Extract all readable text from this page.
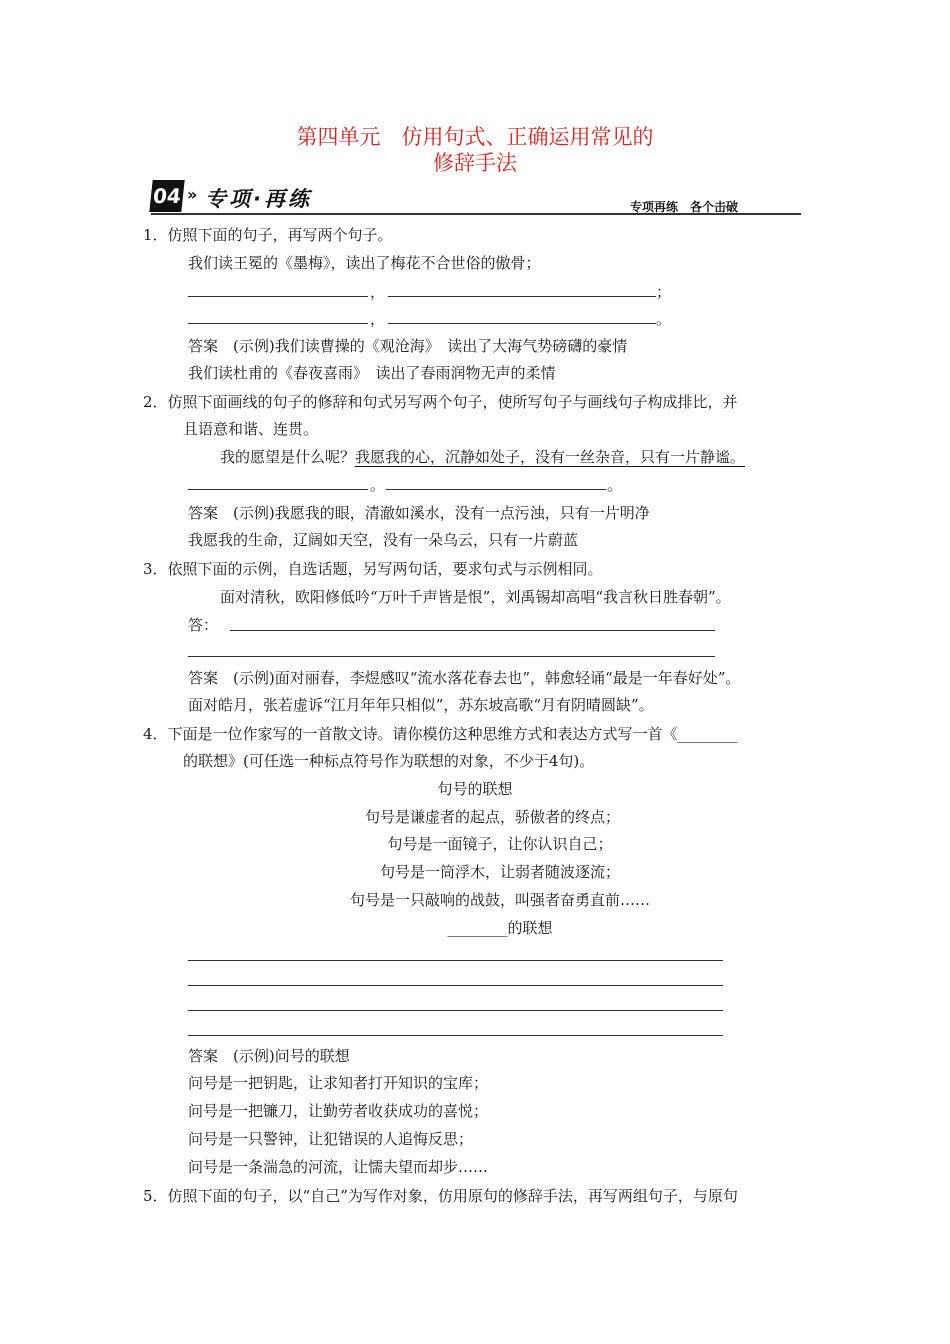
第四单元　仿用句式、正确运用常见的
修辞手法
04 » 专项·再练	专项再练　各个击破
1．仿照下面的句子，再写两个句子。
我们读王冕的《墨梅》，读出了梅花不合世俗的傲骨；
，	；
，	。
答案　(示例)我们读曹操的《观沧海》　读出了大海气势磅礴的豪情
我们读杜甫的《春夜喜雨》　读出了春雨润物无声的柔情
2．仿照下面画线的句子的修辞和句式另写两个句子，使所写句子与画线句子构成排比，并
且语意和谐、连贯。
我的愿望是什么呢？我愿我的心，沉静如处子，没有一丝杂音，只有一片静谧。
。	。
答案　(示例)我愿我的眼，清澈如溪水，没有一点污浊，只有一片明净
我愿我的生命，辽阔如天空，没有一朵乌云，只有一片蔚蓝
3．依照下面的示例，自选话题，另写两句话，要求句式与示例相同。
面对清秋，欧阳修低吟“万叶千声皆是恨”，刘禹锡却高唱“我言秋日胜春朝”。
答：
答案　(示例)面对丽春，李煜感叹“流水落花春去也”，韩愈轻诵“最是一年春好处”。
面对皓月，张若虚诉“江月年年只相似”，苏东坡高歌“月有阴晴圆缺”。
4．下面是一位作家写的一首散文诗。请你模仿这种思维方式和表达方式写一首《________
的联想》(可任选一种标点符号作为联想的对象，不少于4句)。
句号的联想
句号是谦虚者的起点，骄傲者的终点；
句号是一面镜子，让你认识自己；
句号是一筒浮木，让弱者随波逐流；
句号是一只敲响的战鼓，叫强者奋勇直前……
________的联想
答案　(示例)问号的联想
问号是一把钥匙，让求知者打开知识的宝库；
问号是一把镰刀，让勤劳者收获成功的喜悦；
问号是一只警钟，让犯错误的人追悔反思；
问号是一条湍急的河流，让懦夫望而却步……
5．仿照下面的句子，以“自己”为写作对象，仿用原句的修辞手法，再写两组句子，与原句
